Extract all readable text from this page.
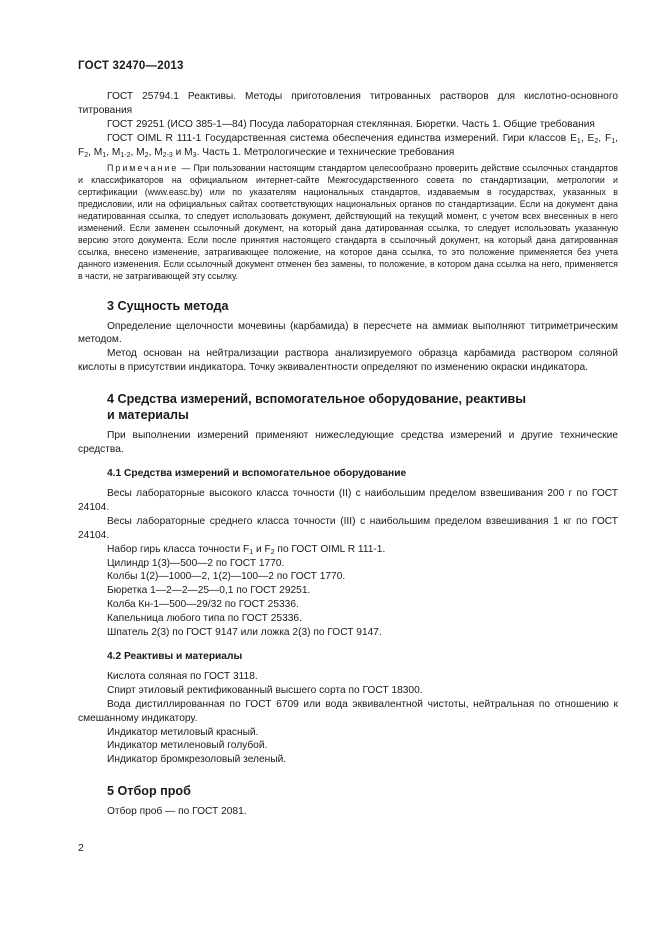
ГОСТ 32470—2013

ГОСТ 25794.1 Реактивы. Методы приготовления титрованных растворов для кислотно-основного титрования

ГОСТ 29251 (ИСО 385-1—84) Посуда лабораторная стеклянная. Бюретки. Часть 1. Общие требования

ГОСТ OIML R 111-1 Государственная система обеспечения единства измерений. Гири классов $E_1$, $E_2$, $F_1$, $F_2$, $M_1$, $M_{1-2}$, $M_2$, $M_{2-3}$ и $M_3$. Часть 1. Метрологические и технические требования

Примечание — При пользовании настоящим стандартом целесообразно проверить действие ссылочных стандартов и классификаторов на официальном интернет-сайте Межгосударственного совета по стандартизации, метрологии и сертификации (www.easc.by) или по указателям национальных стандартов, издаваемым в государствах, указанных в предисловии, или на официальных сайтах соответствующих национальных органов по стандартизации. Если на документ дана недатированная ссылка, то следует использовать документ, действующий на текущий момент, с учетом всех внесенных в него изменений. Если заменен ссылочный документ, на который дана датированная ссылка, то следует использовать указанную версию этого документа. Если после принятия настоящего стандарта в ссылочный документ, на который дана датированная ссылка, внесено изменение, затрагивающее положение, на которое дана ссылка, то это положение применяется без учета данного изменения. Если ссылочный документ отменен без замены, то положение, в котором дана ссылка на него, применяется в части, не затрагивающей эту ссылку.

3 Сущность метода

Определение щелочности мочевины (карбамида) в пересчете на аммиак выполняют титриметрическим методом.

Метод основан на нейтрализации раствора анализируемого образца карбамида раствором соляной кислоты в присутствии индикатора. Точку эквивалентности определяют по изменению окраски индикатора.

4 Средства измерений, вспомогательное оборудование, реактивы

и материалы

При выполнении измерений применяют нижеследующие средства измерений и другие технические средства.

4.1 Средства измерений и вспомогательное оборудование

Весы лабораторные высокого класса точности (II) с наибольшим пределом взвешивания 200 г по ГОСТ 24104.

Весы лабораторные среднего класса точности (III) с наибольшим пределом взвешивания 1 кг по ГОСТ 24104.

Набор гирь класса точности $F_1$ и $F_2$ по ГОСТ OIML R 111-1.

Цилиндр 1(3)—500—2 по ГОСТ 1770.

Колбы 1(2)—1000—2, 1(2)—100—2 по ГОСТ 1770.

Бюретка 1—2—2—25—0,1 по ГОСТ 29251.

Колба Кн-1—500—29/32 по ГОСТ 25336.

Капельница любого типа по ГОСТ 25336.

Шпатель 2(3) по ГОСТ 9147 или ложка 2(3) по ГОСТ 9147.

4.2 Реактивы и материалы

Кислота соляная по ГОСТ 3118.

Спирт этиловый ректификованный высшего сорта по ГОСТ 18300.

Вода дистиллированная по ГОСТ 6709 или вода эквивалентной чистоты, нейтральная по отношению к смешанному индикатору.

Индикатор метиловый красный.

Индикатор метиленовый голубой.

Индикатор бромкрезоловый зеленый.

5 Отбор проб

Отбор проб — по ГОСТ 2081.

2
